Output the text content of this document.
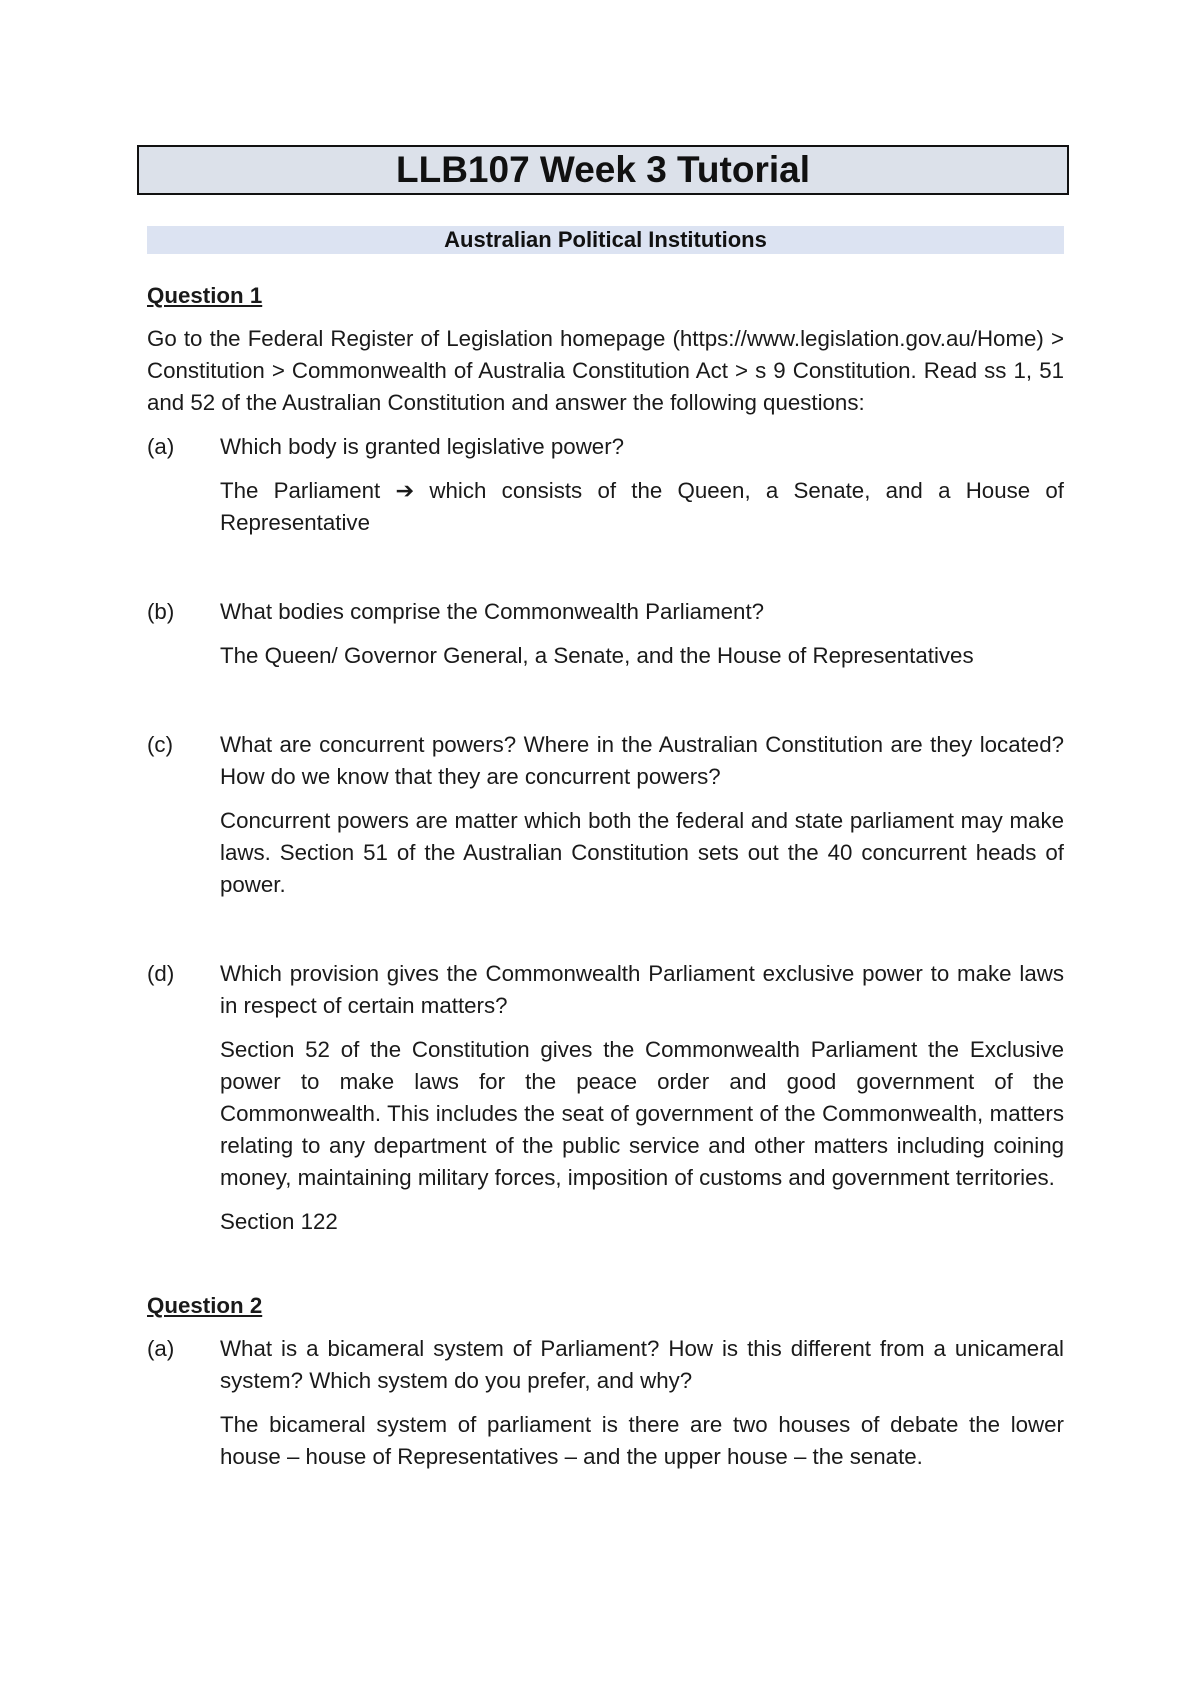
LLB107 Week 3 Tutorial
Australian Political Institutions
Question 1
Go to the Federal Register of Legislation homepage (https://www.legislation.gov.au/Home) > Constitution > Commonwealth of Australia Constitution Act > s 9 Constitution. Read ss 1, 51 and 52 of the Australian Constitution and answer the following questions:
(a) Which body is granted legislative power?
The Parliament ➔ which consists of the Queen, a Senate, and a House of Representative
(b) What bodies comprise the Commonwealth Parliament?
The Queen/ Governor General, a Senate, and the House of Representatives
(c) What are concurrent powers? Where in the Australian Constitution are they located? How do we know that they are concurrent powers?
Concurrent powers are matter which both the federal and state parliament may make laws. Section 51 of the Australian Constitution sets out the 40 concurrent heads of power.
(d) Which provision gives the Commonwealth Parliament exclusive power to make laws in respect of certain matters?
Section 52 of the Constitution gives the Commonwealth Parliament the Exclusive power to make laws for the peace order and good government of the Commonwealth. This includes the seat of government of the Commonwealth, matters relating to any department of the public service and other matters including coining money, maintaining military forces, imposition of customs and government territories.
Section 122
Question 2
(a) What is a bicameral system of Parliament? How is this different from a unicameral system? Which system do you prefer, and why?
The bicameral system of parliament is there are two houses of debate the lower house – house of Representatives – and the upper house – the senate.
